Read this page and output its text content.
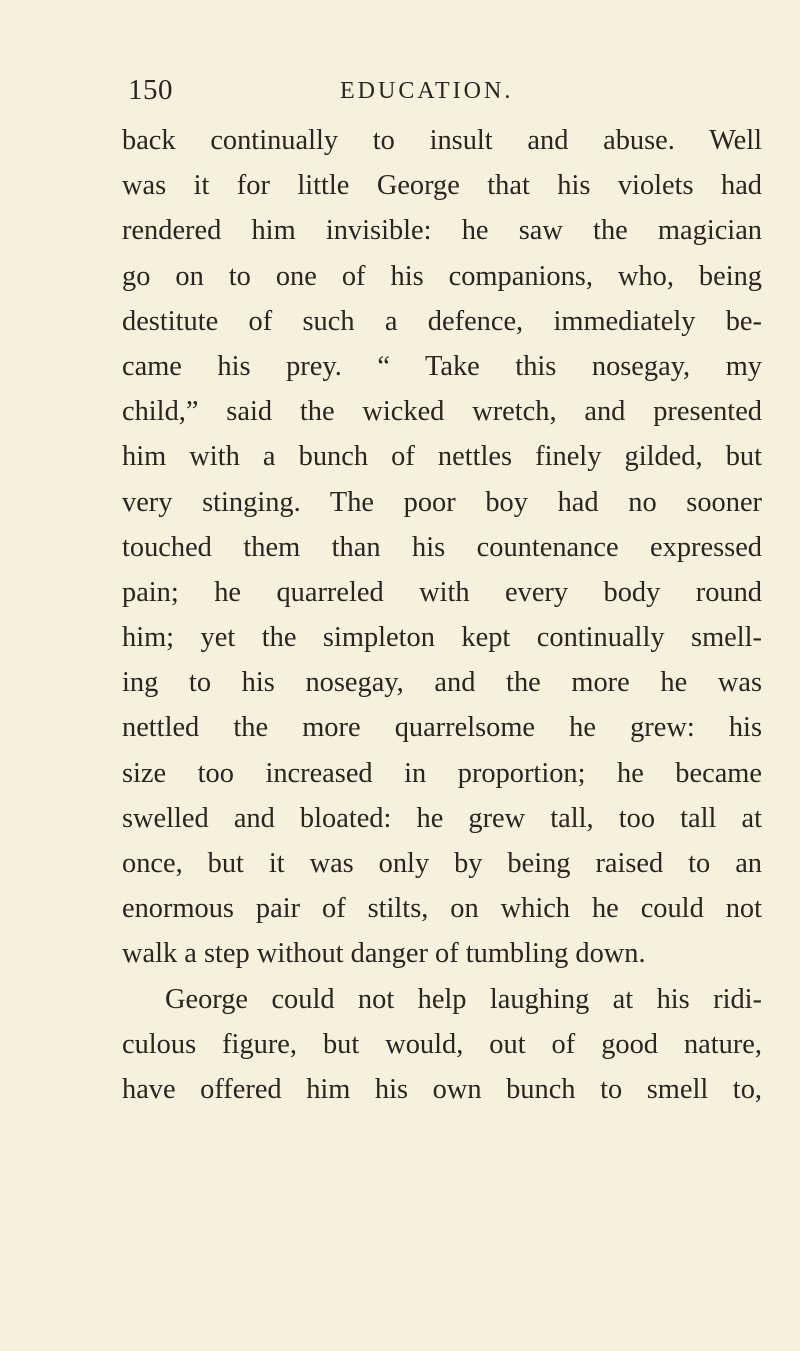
150	EDUCATION.
back continually to insult and abuse. Well
was it for little George that his violets had
rendered him invisible: he saw the magician
go on to one of his companions, who, being
destitute of such a defence, immediately be-
came his prey. “ Take this nosegay, my
child,” said the wicked wretch, and presented
him with a bunch of nettles finely gilded, but
very stinging. The poor boy had no sooner
touched them than his countenance expressed
pain; he quarreled with every body round
him; yet the simpleton kept continually smell-
ing to his nosegay, and the more he was
nettled the more quarrelsome he grew: his
size too increased in proportion; he became
swelled and bloated: he grew tall, too tall at
once, but it was only by being raised to an
enormous pair of stilts, on which he could not
walk a step without danger of tumbling down.
George could not help laughing at his ridi-
culous figure, but would, out of good nature,
have offered him his own bunch to smell to,
